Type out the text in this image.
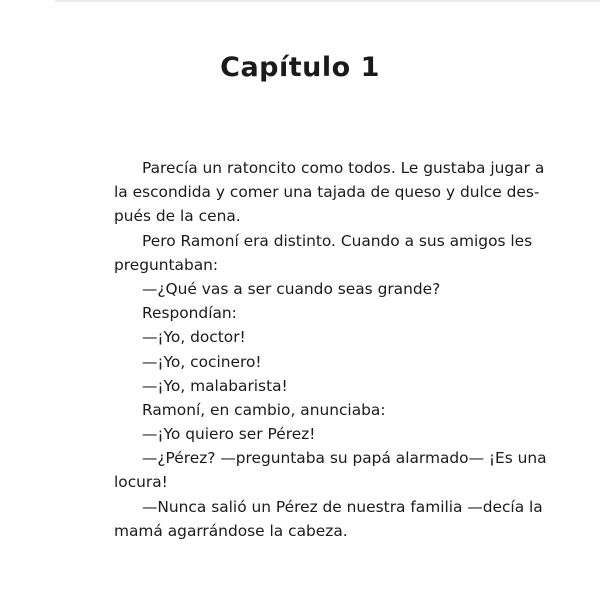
Capítulo 1
Parecía un ratoncito como todos. Le gustaba jugar a
la escondida y comer una tajada de queso y dulce des-
pués de la cena.
Pero Ramoní era distinto. Cuando a sus amigos les
preguntaban:
—¿Qué vas a ser cuando seas grande?
Respondían:
—¡Yo, doctor!
—¡Yo, cocinero!
—¡Yo, malabarista!
Ramoní, en cambio, anunciaba:
—¡Yo quiero ser Pérez!
—¿Pérez? —preguntaba su papá alarmado— ¡Es una
locura!
—Nunca salió un Pérez de nuestra familia —decía la
mamá agarrándose la cabeza.
